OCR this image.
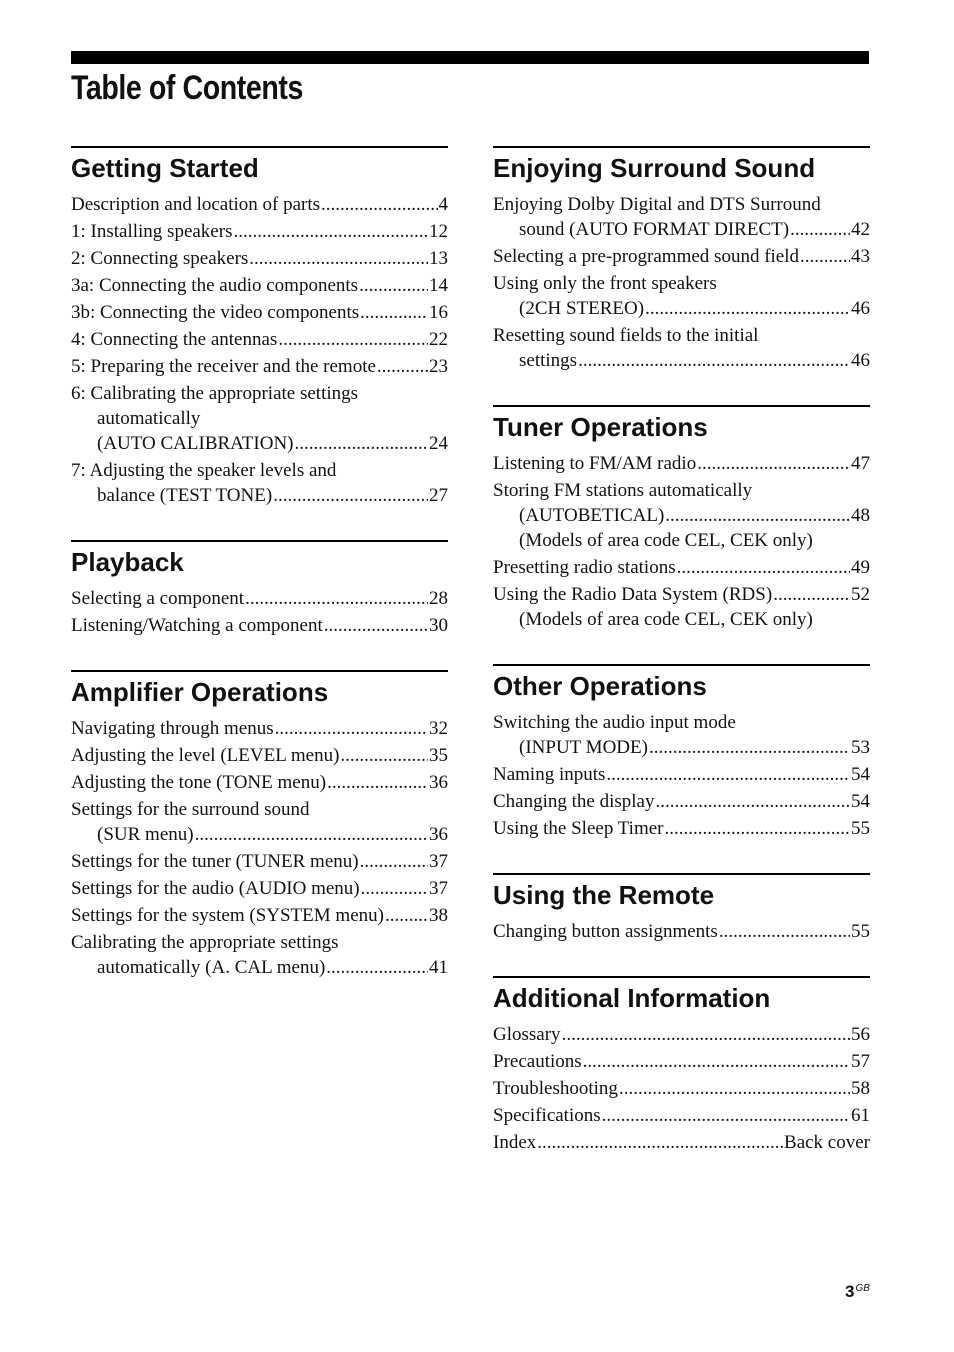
Table of Contents
Getting Started
Description and location of parts .....	4
1: Installing speakers .....	12
2: Connecting speakers .....	13
3a: Connecting the audio components .....	14
3b: Connecting the video components .....	16
4: Connecting the antennas .....	22
5: Preparing the receiver and the remote .....	23
6: Calibrating the appropriate settings
automatically
(AUTO CALIBRATION) .....	24
7: Adjusting the speaker levels and
balance (TEST TONE) .....	27
Playback
Selecting a component .....	28
Listening/Watching a component .....	30
Amplifier Operations
Navigating through menus .....	32
Adjusting the level (LEVEL menu) .....	35
Adjusting the tone (TONE menu) .....	36
Settings for the surround sound
(SUR menu) .....	36
Settings for the tuner (TUNER menu) .....	37
Settings for the audio (AUDIO menu) .....	37
Settings for the system (SYSTEM menu) ..... 38
Calibrating the appropriate settings
automatically (A. CAL menu) .....	41
Enjoying Surround Sound
Enjoying Dolby Digital and DTS Surround
sound (AUTO FORMAT DIRECT) .....	42
Selecting a pre-programmed sound field .....	43
Using only the front speakers
(2CH STEREO) .....	46
Resetting sound fields to the initial
settings .....	46
Tuner Operations
Listening to FM/AM radio .....	47
Storing FM stations automatically
(AUTOBETICAL) .....	48
(Models of area code CEL, CEK only)
Presetting radio stations .....	49
Using the Radio Data System (RDS) .....	52
(Models of area code CEL, CEK only)
Other Operations
Switching the audio input mode
(INPUT MODE) .....	53
Naming inputs .....	54
Changing the display .....	54
Using the Sleep Timer .....	55
Using the Remote
Changing button assignments .....	55
Additional Information
Glossary .....	56
Precautions .....	57
Troubleshooting .....	58
Specifications .....	61
Index .....	Back cover
$3^{GB}$
